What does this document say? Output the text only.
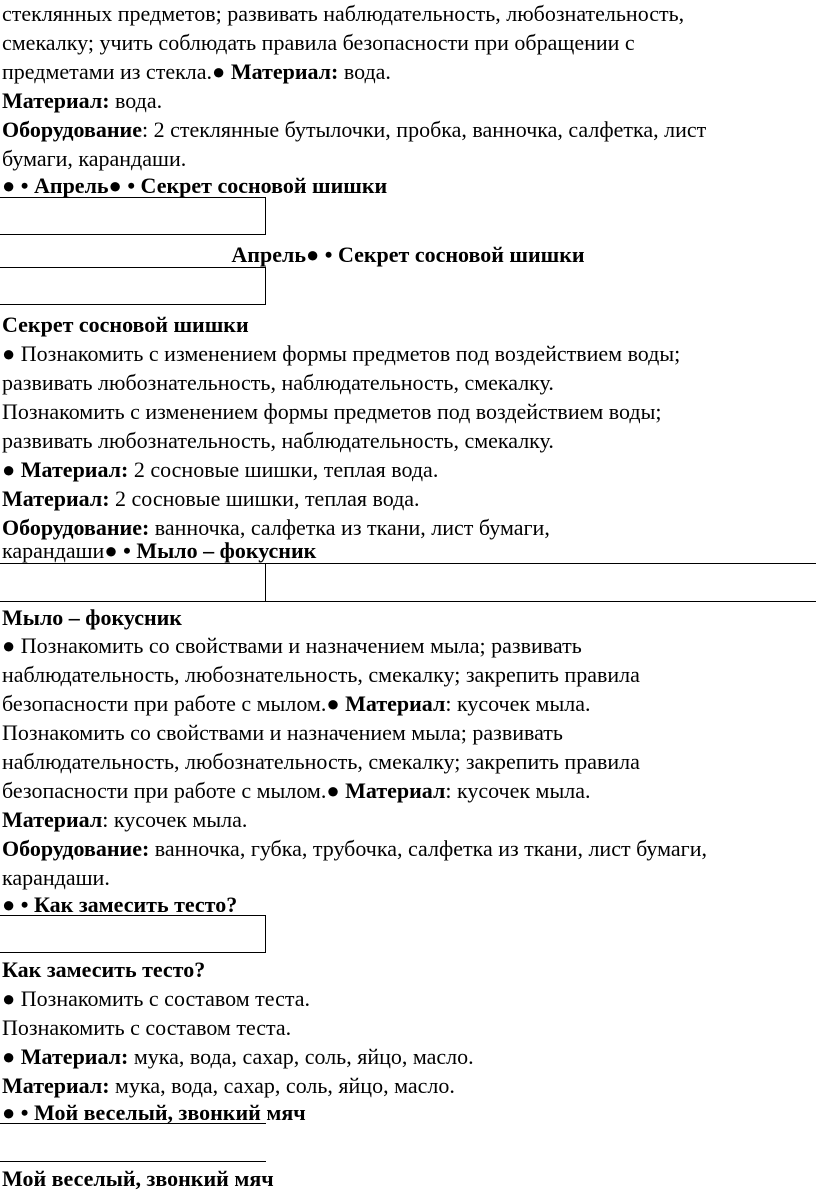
стеклянных предметов; развивать наблюдательность, любознательность,
смекалку; учить соблюдать правила безопасности при обращении с
предметами из стекла.● Материал: вода.
Материал: вода.
Оборудование: 2 стеклянные бутылочки, пробка, ванночка, салфетка, лист
бумаги, карандаши.
● • Апрель● • Секрет сосновой шишки
Апрель● • Секрет сосновой шишки
Секрет сосновой шишки
● Познакомить с изменением формы предметов под воздействием воды;
развивать любознательность, наблюдательность, смекалку.
Познакомить с изменением формы предметов под воздействием воды;
развивать любознательность, наблюдательность, смекалку.
● Материал: 2 сосновые шишки, теплая вода.
Материал: 2 сосновые шишки, теплая вода.
Оборудование: ванночка, салфетка из ткани, лист бумаги,
карандаши● • Мыло – фокусник
Мыло – фокусник
● Познакомить со свойствами и назначением мыла; развивать
наблюдательность, любознательность, смекалку; закрепить правила
безопасности при работе с мылом.● Материал: кусочек мыла.
Познакомить со свойствами и назначением мыла; развивать
наблюдательность, любознательность, смекалку; закрепить правила
безопасности при работе с мылом.● Материал: кусочек мыла.
Материал: кусочек мыла.
Оборудование: ванночка, губка, трубочка, салфетка из ткани, лист бумаги,
карандаши.
● • Как замесить тесто?
Как замесить тесто?
● Познакомить с составом теста.
Познакомить с составом теста.
● Материал: мука, вода, сахар, соль, яйцо, масло.
Материал: мука, вода, сахар, соль, яйцо, масло.
● • Мой веселый, звонкий мяч
Мой веселый, звонкий мяч
